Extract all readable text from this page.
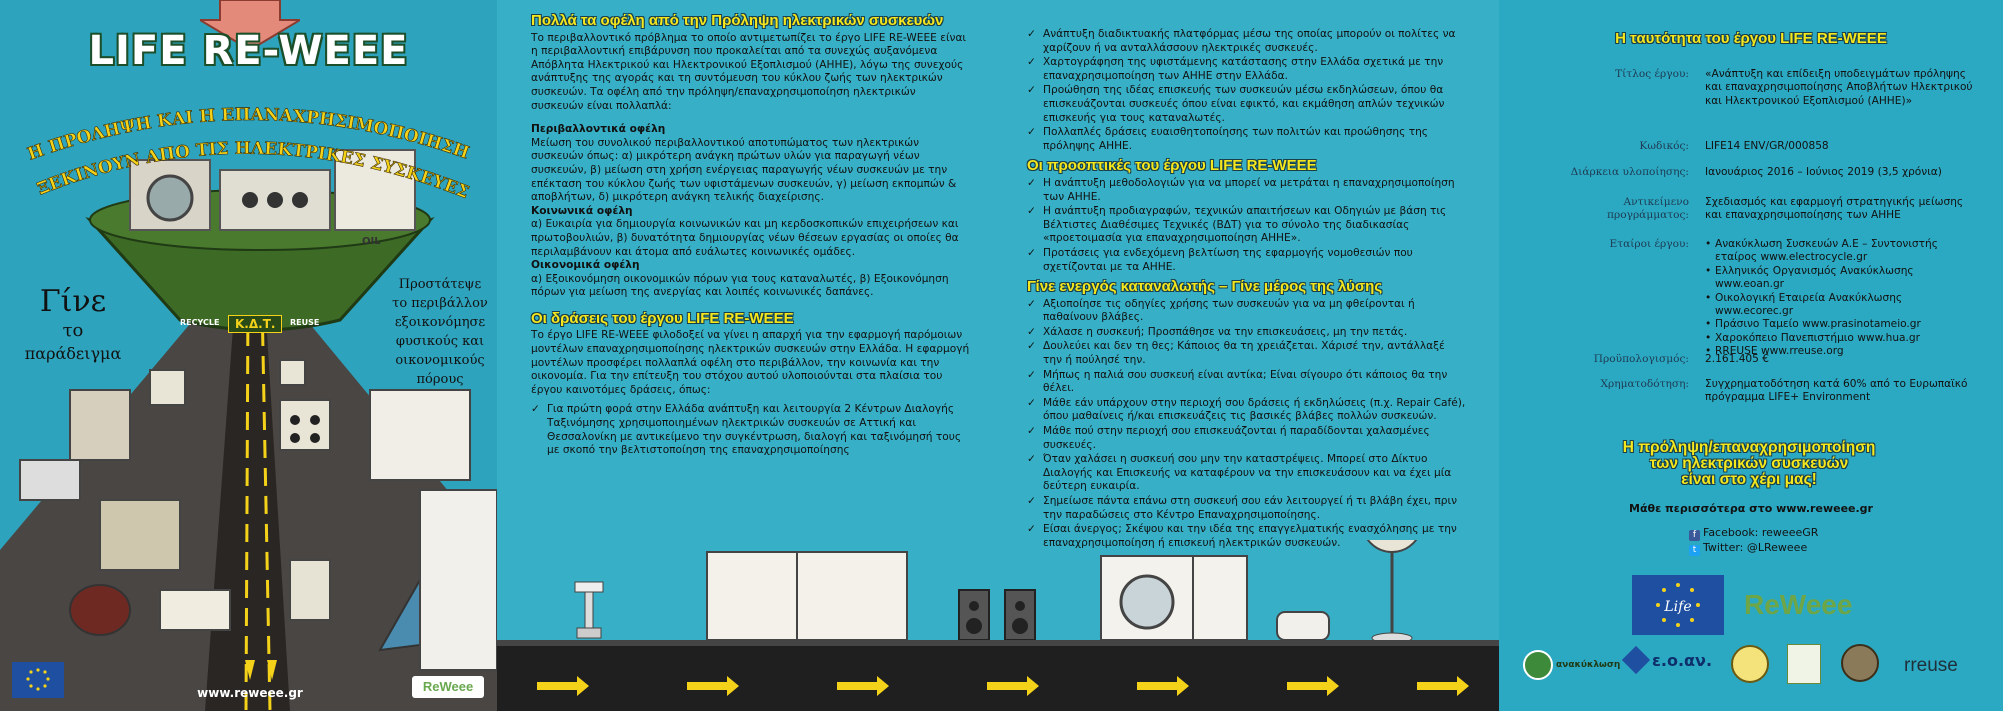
OIL
Κ.Δ.Τ.
RECYCLE	REUSE
LIFE RE-WEEE
Η ΠΡΟΛΗΨΗ ΚΑΙ Η ΕΠΑΝΑΧΡΗΣΙΜΟΠΟΙΗΣΗ
ΞΕΚΙΝΟΥΝ ΑΠΟ ΤΙΣ ΗΛΕΚΤΡΙΚΕΣ ΣΥΣΚΕΥΕΣ
Γίνε
το
παράδειγμα
Προστάτεψε
το περιβάλλον
εξοικονόμησε
φυσικούς και
οικονομικούς
πόρους
www.reweee.gr	ReWeee
Πολλά τα οφέλη από την Πρόληψη ηλεκτρικών συσκευών

Το περιβαλλοντικό πρόβλημα το οποίο αντιμετωπίζει το έργο LIFE RE-WEEE είναι η περιβαλλοντική επιβάρυνση που προκαλείται από τα συνεχώς αυξανόμενα Απόβλητα Ηλεκτρικού και Ηλεκτρονικού Εξοπλισμού (ΑΗΗΕ), λόγω της συνεχούς ανάπτυξης της αγοράς και τη συντόμευση του κύκλου ζωής των ηλεκτρικών συσκευών. Τα οφέλη από την πρόληψη/επαναχρησιμοποίηση ηλεκτρικών συσκευών είναι πολλαπλά:

Περιβαλλοντικά οφέλη

Μείωση του συνολικού περιβαλλοντικού αποτυπώματος των ηλεκτρικών συσκευών όπως: α) μικρότερη ανάγκη πρώτων υλών για παραγωγή νέων συσκευών, β) μείωση στη χρήση ενέργειας παραγωγής νέων συσκευών με την επέκταση του κύκλου ζωής των υφιστάμενων συσκευών, γ) μείωση εκπομπών & αποβλήτων, δ) μικρότερη ανάγκη τελικής διαχείρισης.

Κοινωνικά οφέλη

α) Ευκαιρία για δημιουργία κοινωνικών και μη κερδοσκοπικών επιχειρήσεων και πρωτοβουλιών, β) δυνατότητα δημιουργίας νέων θέσεων εργασίας οι οποίες θα περιλαμβάνουν και άτομα από ευάλωτες κοινωνικές ομάδες.

Οικονομικά οφέλη

α) Εξοικονόμηση οικονομικών πόρων για τους καταναλωτές, β) Εξοικονόμηση πόρων για μείωση της ανεργίας και λοιπές κοινωνικές δαπάνες.

Οι δράσεις του έργου LIFE RE-WEEE

Το έργο LIFE RE-WEEE φιλοδοξεί να γίνει η απαρχή για την εφαρμογή παρόμοιων μοντέλων επαναχρησιμοποίησης ηλεκτρικών συσκευών στην Ελλάδα. Η εφαρμογή μοντέλων προσφέρει πολλαπλά οφέλη στο περιβάλλον, την κοινωνία και την οικονομία. Για την επίτευξη του στόχου αυτού υλοποιούνται στα πλαίσια του έργου καινοτόμες δράσεις, όπως:

✓ Για πρώτη φορά στην Ελλάδα ανάπτυξη και λειτουργία 2 Κέντρων Διαλογής Ταξινόμησης χρησιμοποιημένων ηλεκτρικών συσκευών σε Αττική και Θεσσαλονίκη με αντικείμενο την συγκέντρωση, διαλογή και ταξινόμησή τους με σκοπό την βελτιστοποίηση της επαναχρησιμοποίησης
✓ Ανάπτυξη διαδικτυακής πλατφόρμας μέσω της οποίας μπορούν οι πολίτες να χαρίζουν ή να ανταλλάσσουν ηλεκτρικές συσκευές.
✓ Χαρτογράφηση της υφιστάμενης κατάστασης στην Ελλάδα σχετικά με την επαναχρησιμοποίηση των ΑΗΗΕ στην Ελλάδα.
✓ Προώθηση της ιδέας επισκευής των συσκευών μέσω εκδηλώσεων, όπου θα επισκευάζονται συσκευές όπου είναι εφικτό, και εκμάθηση απλών τεχνικών επισκευής για τους καταναλωτές.
✓ Πολλαπλές δράσεις ευαισθητοποίησης των πολιτών και προώθησης της πρόληψης ΑΗΗΕ.
Οι προοπτικές του έργου LIFE RE-WEEE
✓ Η ανάπτυξη μεθοδολογιών για να μπορεί να μετράται η επαναχρησιμοποίηση των ΑΗΗΕ.
✓ Η ανάπτυξη προδιαγραφών, τεχνικών απαιτήσεων και Οδηγιών με βάση τις Βέλτιστες Διαθέσιμες Τεχνικές (ΒΔΤ) για το σύνολο της διαδικασίας «προετοιμασία για επαναχρησιμοποίηση ΑΗΗΕ».
✓ Προτάσεις για ενδεχόμενη βελτίωση της εφαρμογής νομοθεσιών που σχετίζονται με τα ΑΗΗΕ.
Γίνε ενεργός καταναλωτής – Γίνε μέρος της λύσης
✓ Αξιοποίησε τις οδηγίες χρήσης των συσκευών για να μη φθείρονται ή παθαίνουν βλάβες.
✓ Χάλασε η συσκευή; Προσπάθησε να την επισκευάσεις, μη την πετάς.
✓ Δουλεύει και δεν τη θες; Κάποιος θα τη χρειάζεται. Χάρισέ την, αντάλλαξέ την ή πούλησέ την.
✓ Μήπως η παλιά σου συσκευή είναι αντίκα; Είναι σίγουρο ότι κάποιος θα την θέλει.
✓ Μάθε εάν υπάρχουν στην περιοχή σου δράσεις ή εκδηλώσεις (π.χ. Repair Café), όπου μαθαίνεις ή/και επισκευάζεις τις βασικές βλάβες πολλών συσκευών.
✓ Μάθε πού στην περιοχή σου επισκευάζονται ή παραδίδονται χαλασμένες συσκευές.
✓ Όταν χαλάσει η συσκευή σου μην την καταστρέψεις. Μπορεί στο Δίκτυο Διαλογής και Επισκευής να καταφέρουν να την επισκευάσουν και να έχει μία δεύτερη ευκαιρία.
✓ Σημείωσε πάντα επάνω στη συσκευή σου εάν λειτουργεί ή τι βλάβη έχει, πριν την παραδώσεις στο Κέντρο Επαναχρησιμοποίησης.
✓ Είσαι άνεργος; Σκέψου και την ιδέα της επαγγελματικής ενασχόλησης με την επαναχρησιμοποίηση ή επισκευή ηλεκτρικών συσκευών.
Η ταυτότητα του έργου LIFE RE-WEEE
Τίτλος έργου: «Ανάπτυξη και επίδειξη υποδειγμάτων πρόληψης και επαναχρησιμοποίησης Αποβλήτων Ηλεκτρικού και Ηλεκτρονικού Εξοπλισμού (ΑΗΗΕ)»
Κωδικός: LIFE14 ENV/GR/000858
Διάρκεια υλοποίησης: Ιανουάριος 2016 – Ιούνιος 2019 (3,5 χρόνια)
Αντικείμενο προγράμματος:
Σχεδιασμός και εφαρμογή στρατηγικής μείωσης και επαναχρησιμοποίησης των ΑΗΗΕ
Εταίροι έργου:
•	Ανακύκλωση Συσκευών Α.Ε – Συντονιστής εταίρος www.electrocycle.gr
• Ελληνικός Οργανισμός Ανακύκλωσης www.eoan.gr
• Οικολογική Εταιρεία Ανακύκλωσης www.ecorec.gr
• Πράσινο Ταμείο www.prasinotameio.gr
• Χαροκόπειο Πανεπιστήμιο www.hua.gr
• RREUSE www.rreuse.org
Προϋπολογισμός: 2.161.405 €
Χρηματοδότηση: Συγχρηματοδότηση κατά 60% από το Ευρωπαϊκό πρόγραμμα LIFE+ Environment
Η πρόληψη/επαναχρησιμοποίηση
των ηλεκτρικών συσκευών
είναι στο χέρι μας!
Μάθε περισσότερα στο www.reweee.gr
f Facebook: reweeeGR
t Twitter: @LReweee
Life ReWeee
ανακύκλωση ε.ο.αν.	rreuse
